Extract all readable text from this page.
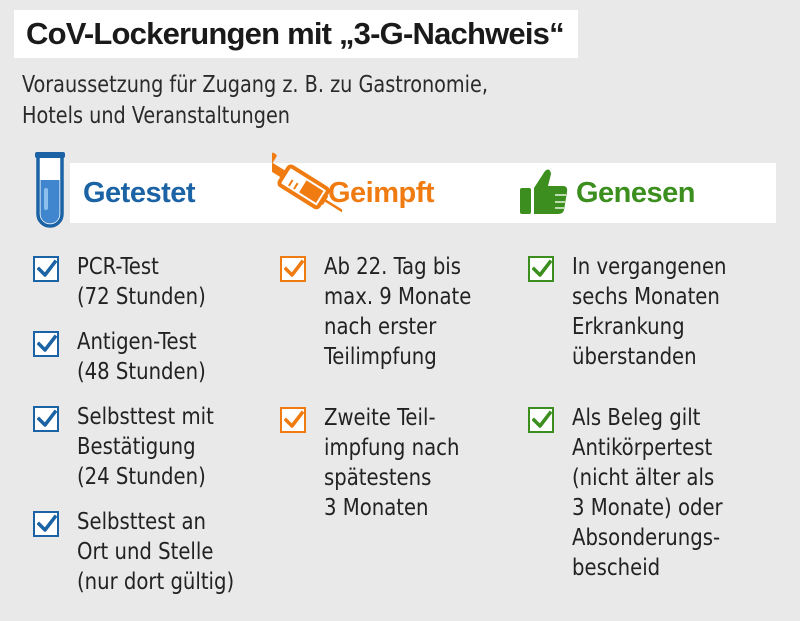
CoV-Lockerungen mit „3-G-Nachweis“
Voraussetzung für Zugang z. B. zu Gastronomie, Hotels und Veranstaltungen
Getestet	Geimpft	Genesen
PCR-Test
(72 Stunden)
Antigen-Test
(48 Stunden)
Selbsttest mit
Bestätigung
(24 Stunden)
Selbsttest an
Ort und Stelle
(nur dort gültig)
Ab 22. Tag bis
max. 9 Monate
nach erster
Teilimpfung
Zweite Teil-
impfung nach
spätestens
3 Monaten
In vergangenen
sechs Monaten
Erkrankung
überstanden
Als Beleg gilt
Antikörpertest
(nicht älter als
3 Monate) oder
Absonderungs-
bescheid
